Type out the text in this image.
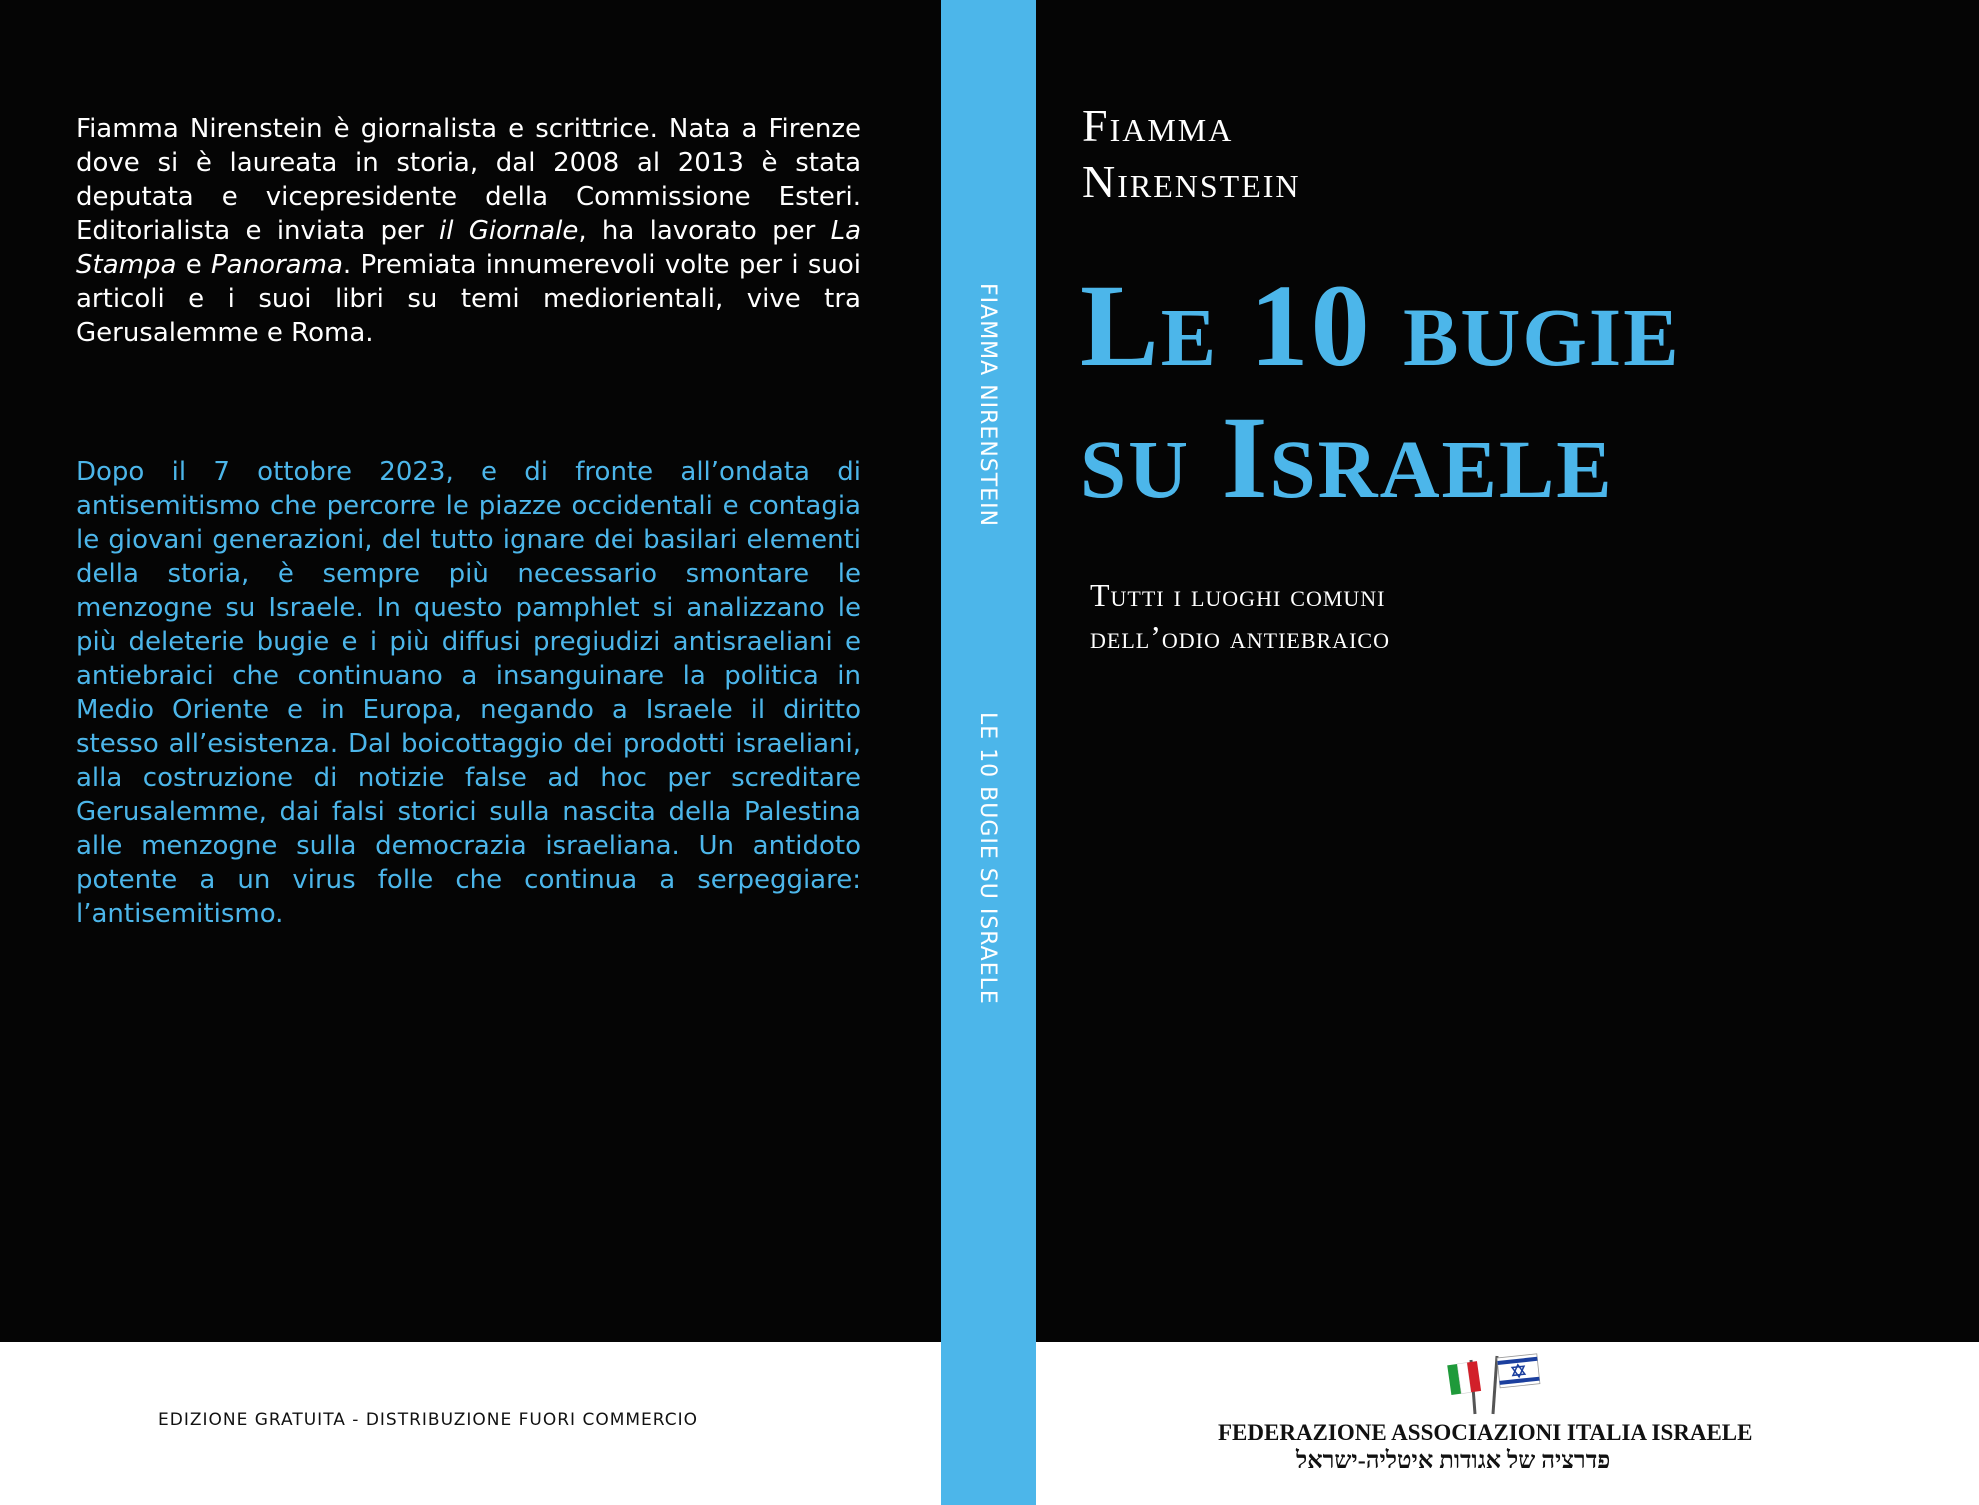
Fiamma Nirenstein è giornalista e scrittrice. Nata a Firenze dove si è laureata in storia, dal 2008 al 2013 è stata deputata e vicepresidente della Commissione Esteri. Editorialista e inviata per il Giornale, ha lavorato per La Stampa e Panorama. Premiata innumerevoli volte per i suoi articoli e i suoi libri su temi mediorientali, vive tra Gerusalemme e Roma.

Dopo il 7 ottobre 2023, e di fronte all’ondata di antisemitismo che percorre le piazze occidentali e contagia le giovani generazioni, del tutto ignare dei basilari elementi della storia, è sempre più necessario smontare le menzogne su Israele. In questo pamphlet si analizzano le più deleterie bugie e i più diffusi pregiudizi antisraeliani e antiebraici che continuano a insanguinare la politica in Medio Oriente e in Europa, negando a Israele il diritto stesso all’esistenza. Dal boicottaggio dei prodotti israeliani, alla costruzione di notizie false ad hoc per screditare Gerusalemme, dai falsi storici sulla nascita della Palestina alle menzogne sulla democrazia israeliana. Un antidoto potente a un virus folle che continua a serpeggiare: l’antisemitismo.

FIAMMA NIRENSTEIN
LE 10 BUGIE SU ISRAELE
Fiamma
Nirenstein
Le 10 bugie
su Israele
Tutti i luoghi comuni
dell’odio antiebraico
EDIZIONE GRATUITA - DISTRIBUZIONE FUORI COMMERCIO	FEDERAZIONE ASSOCIAZIONI ITALIA ISRAELE
פדרציה של אגודות איטליה-ישראל
